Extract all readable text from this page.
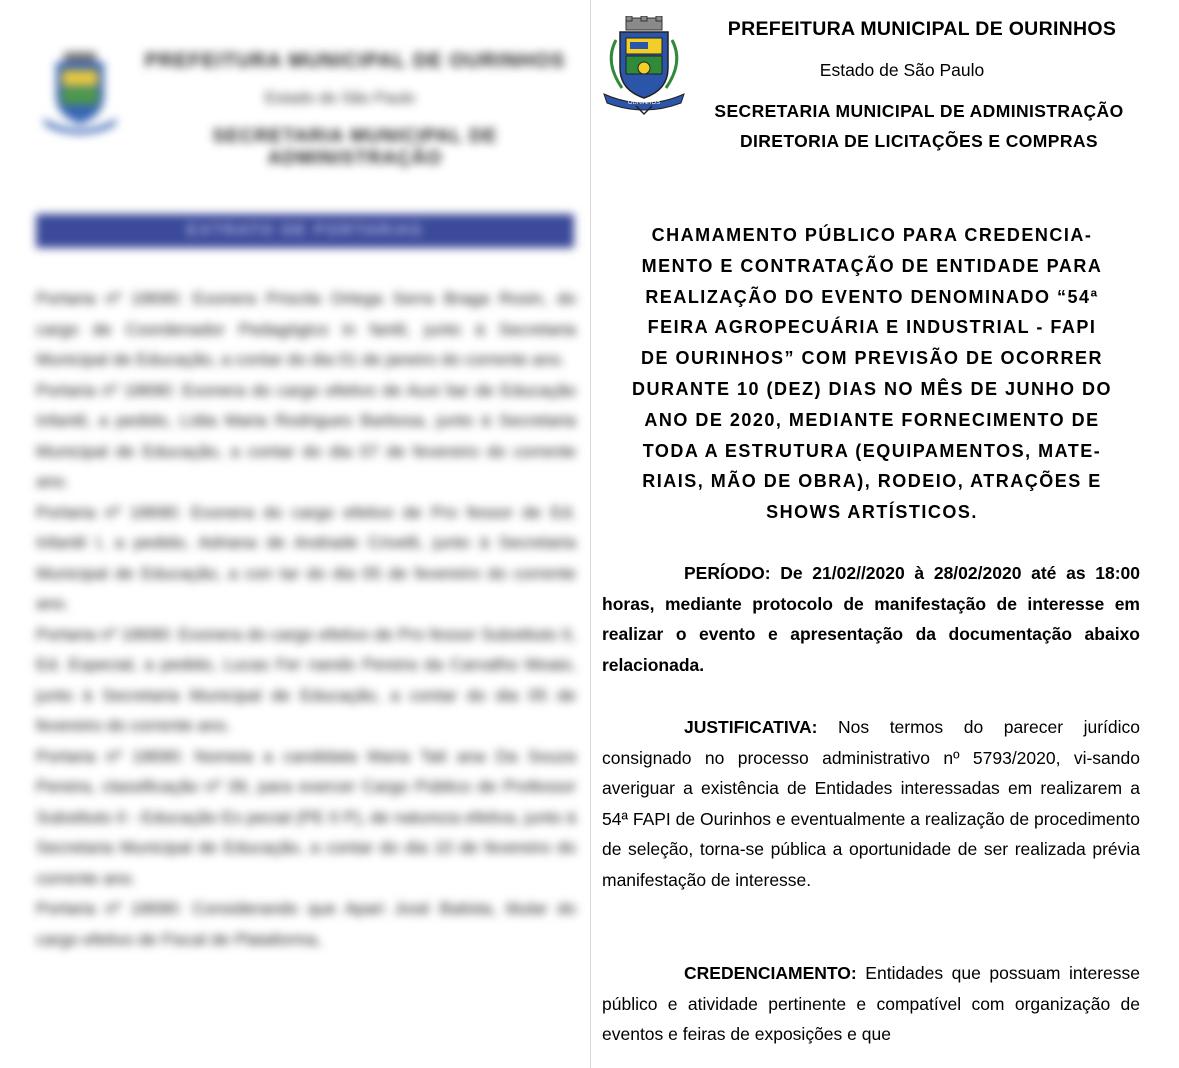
PREFEITURA MUNICIPAL DE OURINHOS
Estado de São Paulo
SECRETARIA MUNICIPAL DE ADMINISTRAÇÃO
EXTRATO DE PORTARIAS

Portaria nº 18690: Exonera Priscila Ortega Serra Braga Rosin, do cargo de Coordenador Pedagógico in fantil, junto à Secretaria Municipal de Educação, a contar do dia 01 de janeiro do corrente ano.

Portaria nº 18690: Exonera do cargo efetivo de Auxi liar de Educação Infantil, a pedido, Lídia Maria Rodrigues Barbosa, junto à Secretaria Municipal de Educação, a contar do dia 07 de fevereiro do corrente ano.

Portaria nº 18690: Exonera do cargo efetivo de Pro fessor de Ed. Infantil I, a pedido, Adriana de Andrade Crivelli, junto à Secretaria Municipal de Educação, a con tar do dia 05 de fevereiro do corrente ano.

Portaria nº 18690: Exonera do cargo efetivo de Pro fessor Substituto II, Ed. Especial, a pedido, Lucas Fer nando Pereira da Carvalho Moaio, junto à Secretaria Municipal de Educação, a contar do dia 05 de fevereiro do corrente ano.

Portaria nº 18690: Nomeia a candidata Maria Tati ana Da Souza Pereira, classificação nº 39, para exercer Cargo Público de Professor Substituto II - Educação Es pecial (PE II P), de natureza efetiva, junto à Secretaria Municipal de Educação, a contar do dia 10 de fevereiro do corrente ano.

Portaria nº 18690: Considerando que Apari José Batista, titular do cargo efetivo de Fiscal de Plataforma,

OURINHOS
PREFEITURA MUNICIPAL DE OURINHOS
Estado de São Paulo
SECRETARIA MUNICIPAL DE ADMINISTRAÇÃO
DIRETORIA DE LICITAÇÕES E COMPRAS
CHAMAMENTO PÚBLICO PARA CREDENCIA-
MENTO E CONTRATAÇÃO DE ENTIDADE PARA
REALIZAÇÃO DO EVENTO DENOMINADO “54ª
FEIRA AGROPECUÁRIA E INDUSTRIAL - FAPI
DE OURINHOS” COM PREVISÃO DE OCORRER
DURANTE 10 (DEZ) DIAS NO MÊS DE JUNHO DO
ANO DE 2020, MEDIANTE FORNECIMENTO DE
TODA A ESTRUTURA (EQUIPAMENTOS, MATE-
RIAIS, MÃO DE OBRA), RODEIO, ATRAÇÕES E
SHOWS ARTÍSTICOS.
PERÍODO: De 21/02//2020 à 28/02/2020 até as 18:00 horas, mediante protocolo de manifestação de interesse em realizar o evento e apresentação da documentação abaixo relacionada.
JUSTIFICATIVA: Nos termos do parecer jurídico consignado no processo administrativo nº 5793/2020, vi-sando averiguar a existência de Entidades interessadas em realizarem a 54ª FAPI de Ourinhos e eventualmente a realização de procedimento de seleção, torna-se pública a oportunidade de ser realizada prévia manifestação de interesse.
CREDENCIAMENTO: Entidades que possuam interesse público e atividade pertinente e compatível com organização de eventos e feiras de exposições e que
